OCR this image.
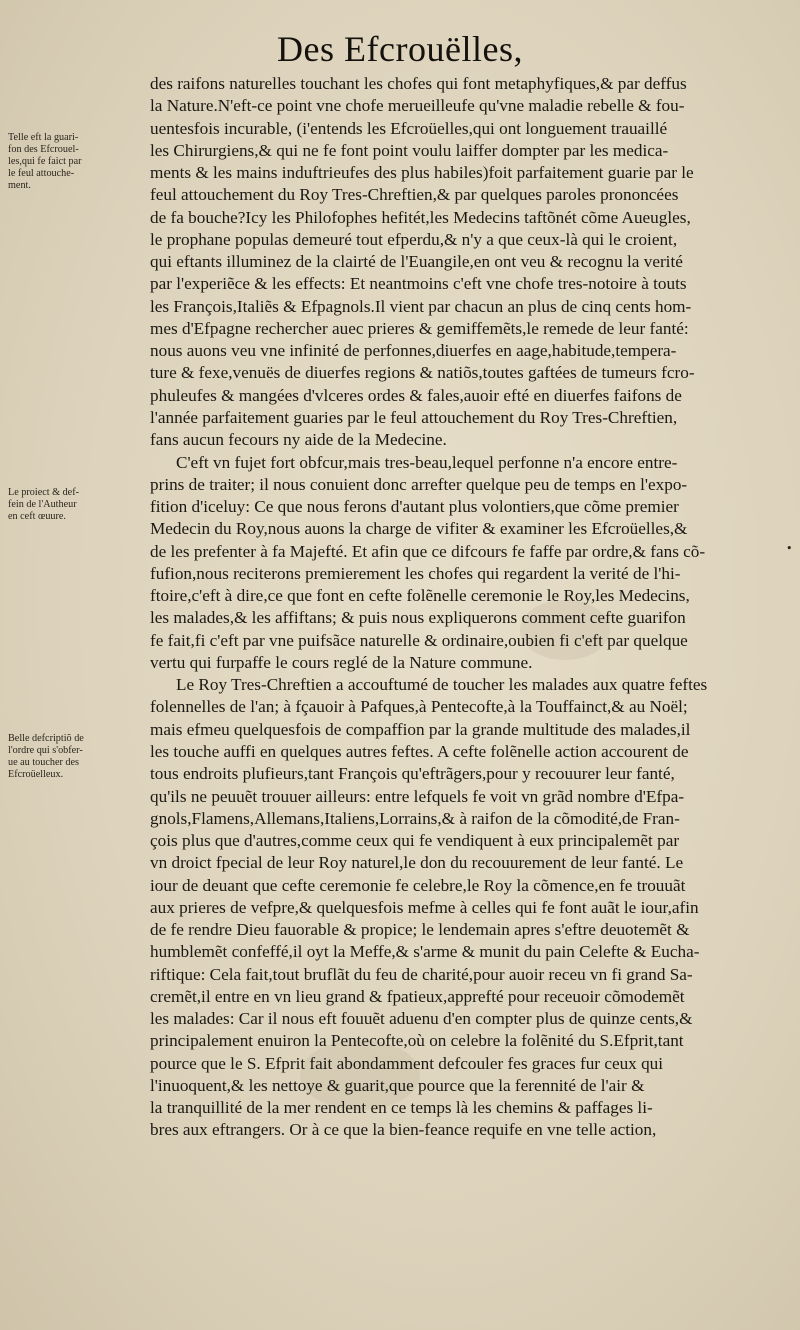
Des Efcrouëlles,
des raifons naturelles touchant les chofes qui font metaphyfiques,& par deffus
la Nature.N'eft-ce point vne chofe merueilleufe qu'vne maladie rebelle & fou-
uentesfois incurable, (i'entends les Efcroüelles,qui ont longuement trauaillé
les Chirurgiens,& qui ne fe font point voulu laiffer dompter par les medica-
ments & les mains induftrieufes des plus habiles)foit parfaitement guarie par le
feul attouchement du Roy Tres-Chreftien,& par quelques paroles prononcées
de fa bouche?Icy les Philofophes hefitét,les Medecins taftõnét cõme Aueugles,
le prophane populas demeuré tout efperdu,& n'y a que ceux-là qui le croient,
qui eftants illuminez de la clairté de l'Euangile,en ont veu & recognu la verité
par l'experiẽce & les effects: Et neantmoins c'eft vne chofe tres-notoire à touts
les François,Italiẽs & Efpagnols.Il vient par chacun an plus de cinq cents hom-
mes d'Efpagne rechercher auec prieres & gemiffemẽts,le remede de leur fanté:
nous auons veu vne infinité de perfonnes,diuerfes en aage,habitude,tempera-
ture & fexe,venuës de diuerfes regions & natiõs,toutes gaftées de tumeurs fcro-
phuleufes & mangées d'vlceres ordes & fales,auoir efté en diuerfes faifons de
l'année parfaitement guaries par le feul attouchement du Roy Tres-Chreftien,
fans aucun fecours ny aide de la Medecine.
C'eft vn fujet fort obfcur,mais tres-beau,lequel perfonne n'a encore entre-
prins de traiter; il nous conuient donc arrefter quelque peu de temps en l'expo-
fition d'iceluy: Ce que nous ferons d'autant plus volontiers,que cõme premier
Medecin du Roy,nous auons la charge de vifiter & examiner les Efcroüelles,&
de les prefenter à fa Majefté. Et afin que ce difcours fe faffe par ordre,& fans cõ-
fufion,nous reciterons premierement les chofes qui regardent la verité de l'hi-
ftoire,c'eft à dire,ce que font en cefte folẽnelle ceremonie le Roy,les Medecins,
les malades,& les affiftans; & puis nous expliquerons comment cefte guarifon
fe fait,fi c'eft par vne puifsãce naturelle & ordinaire,oubien fi c'eft par quelque
vertu qui furpaffe le cours reglé de la Nature commune.
Le Roy Tres-Chreftien a accouftumé de toucher les malades aux quatre feftes
folennelles de l'an; à fçauoir à Pafques,à Pentecofte,à la Touffainct,& au Noël;
mais efmeu quelquesfois de compaffion par la grande multitude des malades,il
les touche auffi en quelques autres feftes. A cefte folẽnelle action accourent de
tous endroits plufieurs,tant François qu'eftrãgers,pour y recouurer leur fanté,
qu'ils ne peuuẽt trouuer ailleurs: entre lefquels fe voit vn grãd nombre d'Efpa-
gnols,Flamens,Allemans,Italiens,Lorrains,& à raifon de la cõmodité,de Fran-
çois plus que d'autres,comme ceux qui fe vendiquent à eux principalemẽt par
vn droict fpecial de leur Roy naturel,le don du recouurement de leur fanté. Le
iour de deuant que cefte ceremonie fe celebre,le Roy la cõmence,en fe trouuãt
aux prieres de vefpre,& quelquesfois mefme à celles qui fe font auãt le iour,afin
de fe rendre Dieu fauorable & propice; le lendemain apres s'eftre deuotemẽt &
humblemẽt confeffé,il oyt la Meffe,& s'arme & munit du pain Celefte & Eucha-
riftique: Cela fait,tout bruflãt du feu de charité,pour auoir receu vn fi grand Sa-
cremẽt,il entre en vn lieu grand & fpatieux,apprefté pour receuoir cõmodemẽt
les malades: Car il nous eft fouuẽt aduenu d'en compter plus de quinze cents,&
principalement enuiron la Pentecofte,où on celebre la folẽnité du S.Efprit,tant
pource que le S. Efprit fait abondamment defcouler fes graces fur ceux qui
l'inuoquent,& les nettoye & guarit,que pource que la ferennité de l'air &
la tranquillité de la mer rendent en ce temps là les chemins & paffages li-
bres aux eftrangers. Or à ce que la bien-feance requife en vne telle action,
Telle eft la guari-
fon des Efcrouel-
les,qui fe faict par
le feul attouche-
ment.
Le proiect & def-
fein de l'Autheur
en ceft œuure.
Belle defcriptiõ de
l'ordre qui s'obfer-
ue au toucher des
Efcroüelleux.
•
